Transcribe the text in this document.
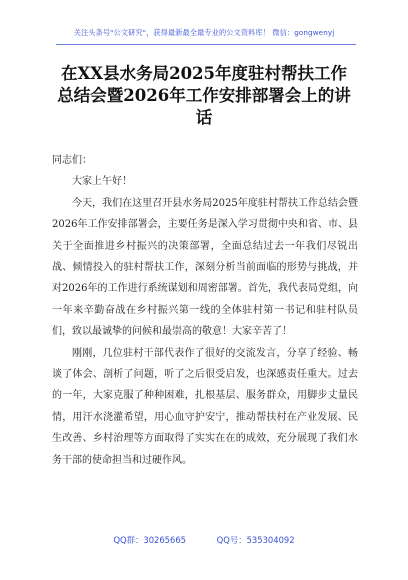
关注头条号"公文研究"，获得最新最全最专业的公文资料库！ 微信：gongwenyj
在XX县水务局2025年度驻村帮扶工作
总结会暨2026年工作安排部署会上的讲
话
同志们：
大家上午好！
今天，我们在这里召开县水务局2025年度驻村帮扶工作总结会暨2026年工作安排部署会，主要任务是深入学习贯彻中央和省、市、县关于全面推进乡村振兴的决策部署，全面总结过去一年我们尽锐出战、倾情投入的驻村帮扶工作，深刻分析当前面临的形势与挑战，并对2026年的工作进行系统谋划和周密部署。首先，我代表局党组，向一年来辛勤奋战在乡村振兴第一线的全体驻村第一书记和驻村队员们，致以最诚挚的问候和最崇高的敬意！大家辛苦了！
刚刚，几位驻村干部代表作了很好的交流发言，分享了经验、畅谈了体会、剖析了问题，听了之后很受启发，也深感责任重大。过去的一年，大家克服了种种困难，扎根基层、服务群众，用脚步丈量民情，用汗水浇灌希望，用心血守护安宁，推动帮扶村在产业发展、民生改善、乡村治理等方面取得了实实在在的成效，充分展现了我们水务干部的使命担当和过硬作风。
QQ群：30265665	QQ号：535304092
